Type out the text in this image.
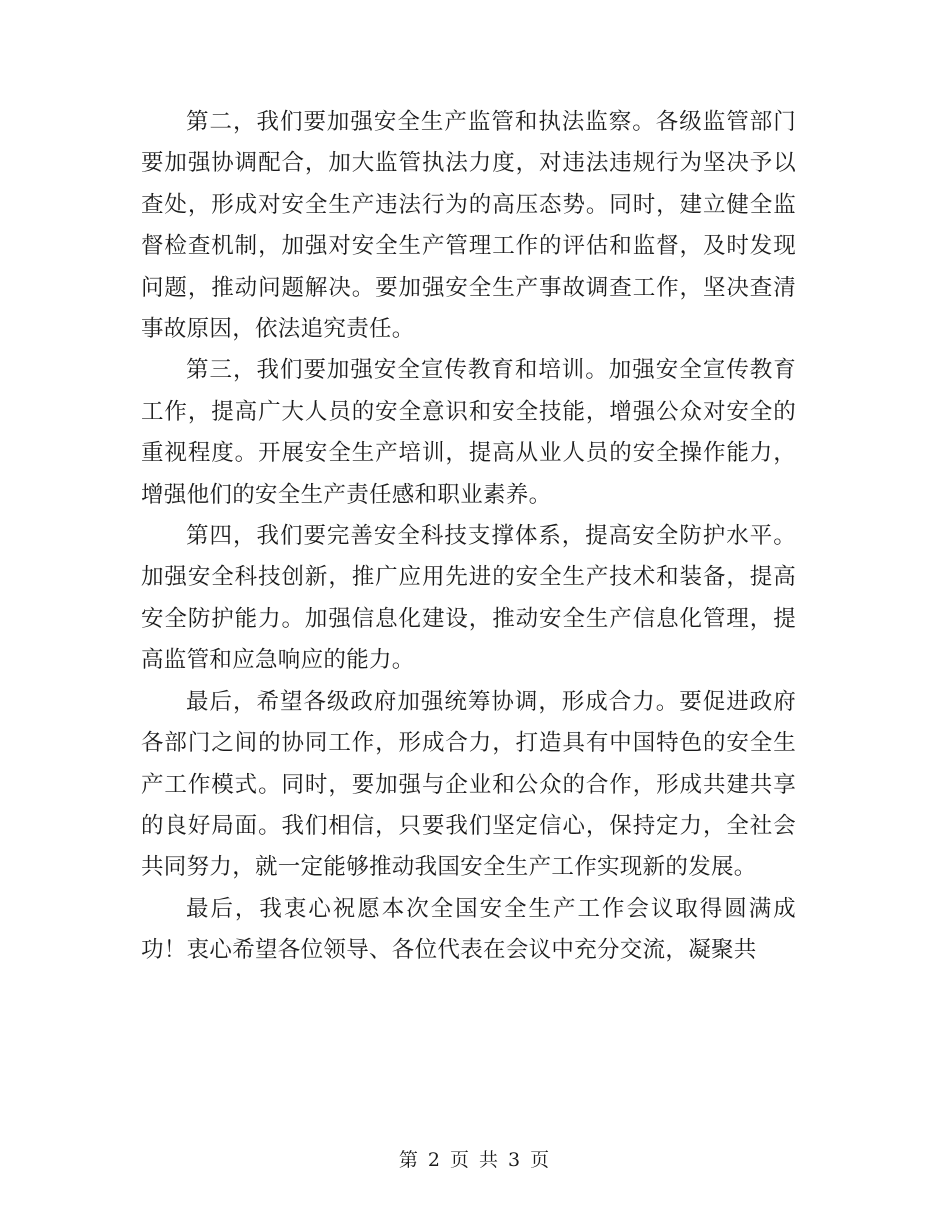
第二，我们要加强安全生产监管和执法监察。各级监管部门要加强协调配合，加大监管执法力度，对违法违规行为坚决予以查处，形成对安全生产违法行为的高压态势。同时，建立健全监督检查机制，加强对安全生产管理工作的评估和监督，及时发现问题，推动问题解决。要加强安全生产事故调查工作，坚决查清事故原因，依法追究责任。

第三，我们要加强安全宣传教育和培训。加强安全宣传教育工作，提高广大人员的安全意识和安全技能，增强公众对安全的重视程度。开展安全生产培训，提高从业人员的安全操作能力，增强他们的安全生产责任感和职业素养。

第四，我们要完善安全科技支撑体系，提高安全防护水平。加强安全科技创新，推广应用先进的安全生产技术和装备，提高安全防护能力。加强信息化建设，推动安全生产信息化管理，提高监管和应急响应的能力。

最后，希望各级政府加强统筹协调，形成合力。要促进政府各部门之间的协同工作，形成合力，打造具有中国特色的安全生产工作模式。同时，要加强与企业和公众的合作，形成共建共享的良好局面。我们相信，只要我们坚定信心，保持定力，全社会共同努力，就一定能够推动我国安全生产工作实现新的发展。

最后，我衷心祝愿本次全国安全生产工作会议取得圆满成功！衷心希望各位领导、各位代表在会议中充分交流，凝聚共

第 2 页 共 3 页
